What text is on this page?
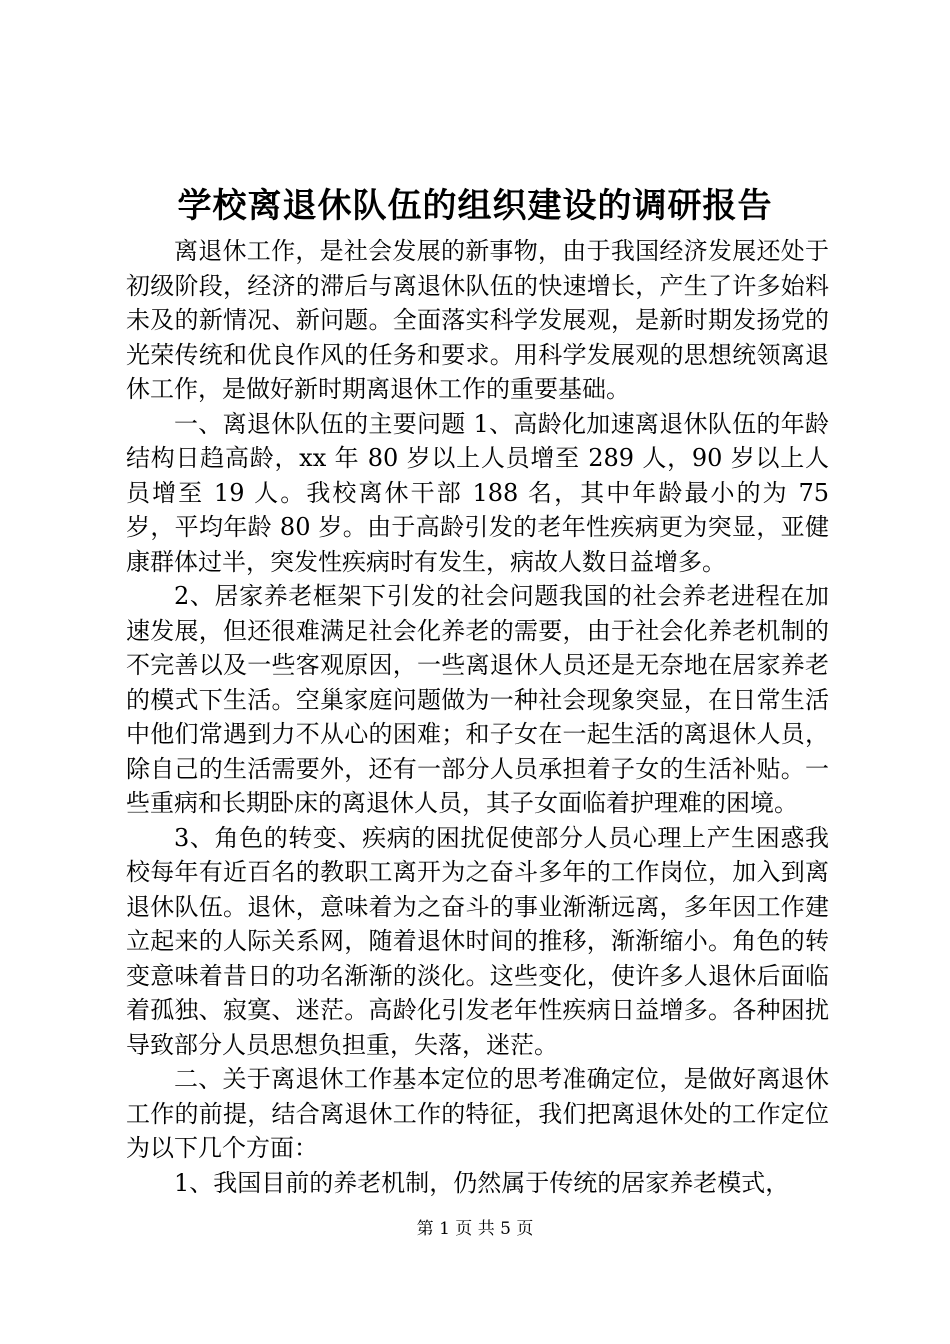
学校离退休队伍的组织建设的调研报告

离退休工作，是社会发展的新事物，由于我国经济发展还处于初级阶段，经济的滞后与离退休队伍的快速增长，产生了许多始料未及的新情况、新问题。全面落实科学发展观，是新时期发扬党的光荣传统和优良作风的任务和要求。用科学发展观的思想统领离退休工作，是做好新时期离退休工作的重要基础。

一、离退休队伍的主要问题 1、高龄化加速离退休队伍的年龄结构日趋高龄，xx 年 80 岁以上人员增至 289 人，90 岁以上人员增至 19 人。我校离休干部 188 名，其中年龄最小的为 75 岁，平均年龄 80 岁。由于高龄引发的老年性疾病更为突显，亚健康群体过半，突发性疾病时有发生，病故人数日益增多。

2、居家养老框架下引发的社会问题我国的社会养老进程在加速发展，但还很难满足社会化养老的需要，由于社会化养老机制的不完善以及一些客观原因，一些离退休人员还是无奈地在居家养老的模式下生活。空巢家庭问题做为一种社会现象突显，在日常生活中他们常遇到力不从心的困难；和子女在一起生活的离退休人员，除自己的生活需要外，还有一部分人员承担着子女的生活补贴。一些重病和长期卧床的离退休人员，其子女面临着护理难的困境。

3、角色的转变、疾病的困扰促使部分人员心理上产生困惑我校每年有近百名的教职工离开为之奋斗多年的工作岗位，加入到离退休队伍。退休，意味着为之奋斗的事业渐渐远离，多年因工作建立起来的人际关系网，随着退休时间的推移，渐渐缩小。角色的转变意味着昔日的功名渐渐的淡化。这些变化，使许多人退休后面临着孤独、寂寞、迷茫。高龄化引发老年性疾病日益增多。各种困扰导致部分人员思想负担重，失落，迷茫。

二、关于离退休工作基本定位的思考准确定位，是做好离退休工作的前提，结合离退休工作的特征，我们把离退休处的工作定位为以下几个方面：

1、我国目前的养老机制，仍然属于传统的居家养老模式，

第 1 页 共 5 页
